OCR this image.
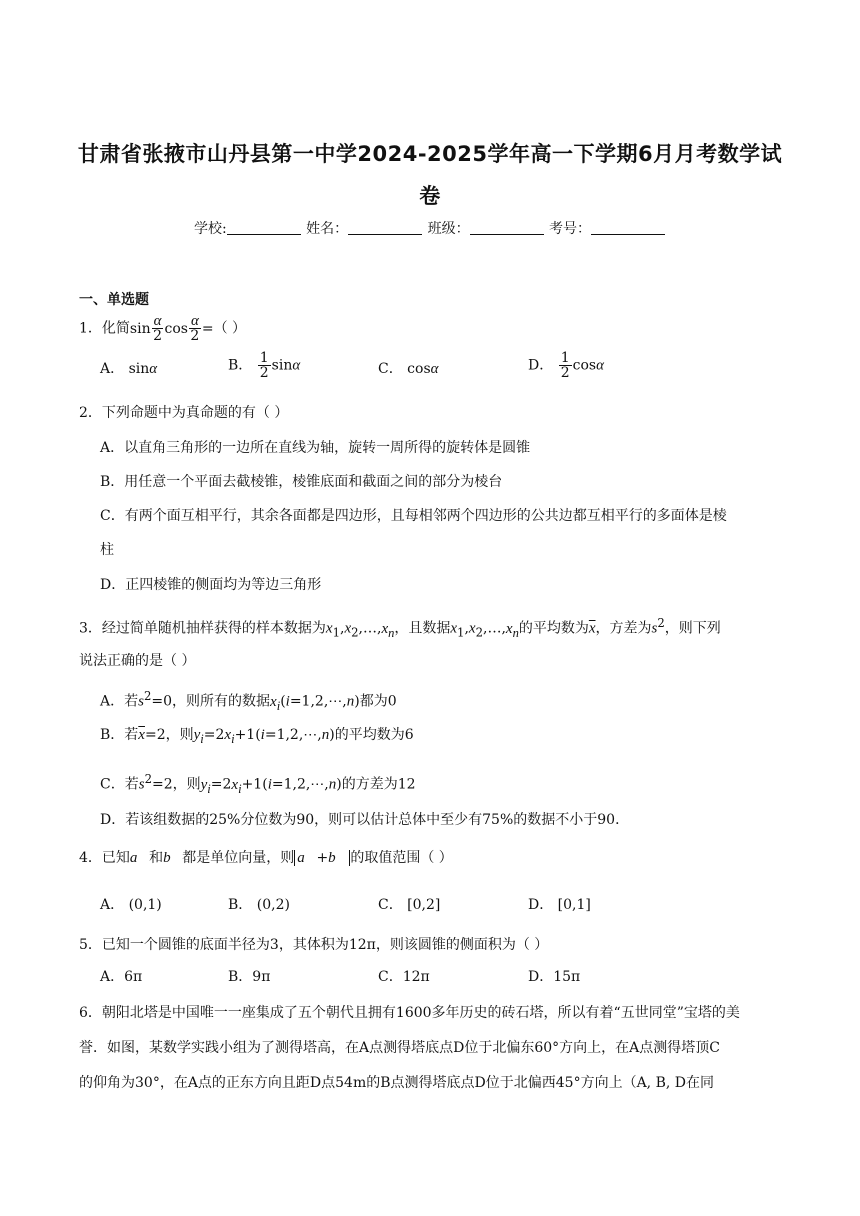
甘肃省张掖市山丹县第一中学2024-2025学年高一下学期6月月考数学试
卷
学校:	姓名：	班级：	考号：
一、单选题
1．化简$\sin \frac{\alpha}{2}$ $\cos \frac{\alpha}{2}$ =（ ）
A． sinα	B． $\frac{1}{2}$ sinα	C． cosα	D． $\frac{1}{2}$ cosα
2．下列命题中为真命题的有（ ）
A．以直角三角形的一边所在直线为轴，旋转一周所得的旋转体是圆锥
B．用任意一个平面去截棱锥，棱锥底面和截面之间的部分为棱台
C．有两个面互相平行，其余各面都是四边形，且每相邻两个四边形的公共边都互相平行的多面体是棱
柱
D．正四棱锥的侧面均为等边三角形
3．经过简单随机抽样获得的样本数据为$x_1,x_2,\dots,x_n$，且数据$x_1,x_2,\dots,x_n$的平均数为$\overline{x}$，方差为$s^2$，则下列
说法正确的是（ ）
A．若$s^2=0$，则所有的数据$x_i(i=1,2,\cdots,n)$都为0
B．若$\overline{x}=2$，则$y_i=2x_i+1(i=1,2,\cdots,n)$的平均数为6
C．若$s^2=2$，则$y_i=2x_i+1(i=1,2,\cdots,n)$的方差为12
D．若该组数据的25%分位数为90，则可以估计总体中至少有75%的数据不小于90．
4．已知a⃗和b⃗都是单位向量，则 a⃗+b⃗ 的取值范围（ ）
A． (0,1)	B． (0,2)	C． [0,2]	D． [0,1]
5．已知一个圆锥的底面半径为3，其体积为12π，则该圆锥的侧面积为（ ）
A．6π	B．9π	C．12π	D．15π
6．朝阳北塔是中国唯一一座集成了五个朝代且拥有1600多年历史的砖石塔，所以有着“五世同堂”宝塔的美
誉．如图，某数学实践小组为了测得塔高，在A点测得塔底点D位于北偏东60°方向上，在A点测得塔顶C
的仰角为30°，在A点的正东方向且距D点54m的B点测得塔底点D位于北偏西45°方向上（A, B, D在同
